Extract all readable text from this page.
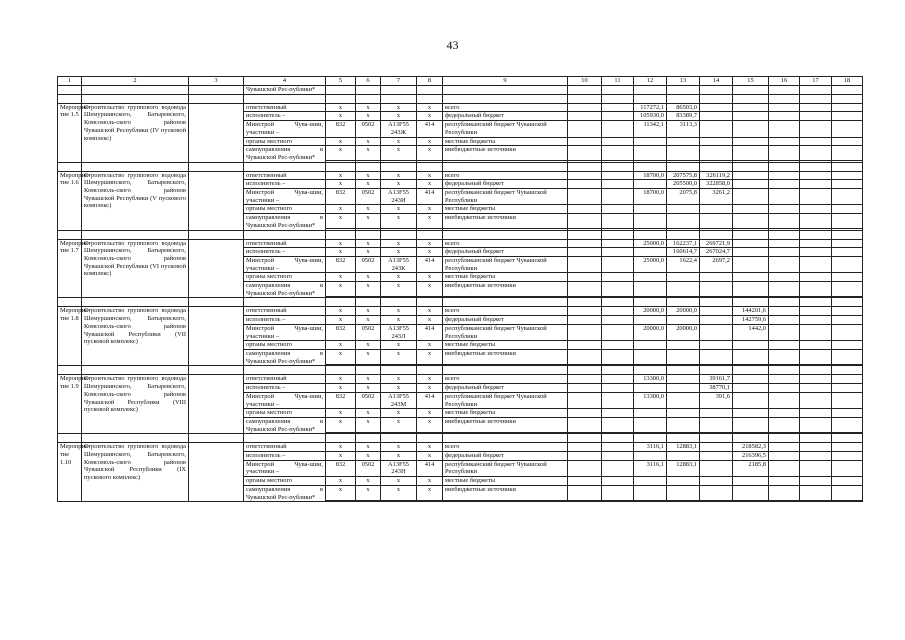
43
1	2	3	4	5	6	7	8	9	10	11	12	13	14	15	16	17	18
			Чувашской Рес-публики*														

Мероприя-тие 1.5	Строительство группового водовода Шемуршинского, Батыревского, Комсомоль-ского районов Чувашской Республики (IV пусковой комплекс)		ответственный	x	x	x	x	всего			117272,1	86503,0					
			исполнитель –	x	x	x	x	федеральный бюджет			105930,0	83389,7					
			Минстрой Чува-шии, участники –	832	0502	А13F55 243Ж	414	республиканский бюджет Чувашской Республики			11342,1	3113,3					
			органы местного	x	x	x	x	местные бюджеты									
			самоуправления в Чувашской Рес-публики*	x	x	x	x	внебюджетные источники									

Мероприя-тие 1.6	Строительство группового водовода Шемуршинского, Батыревского, Комсомоль-ского районов Чувашской Республики (V пускового комплекс)		ответственный	x	x	x	x	всего			18700,0	207575,8	326119,2				
			исполнитель –	x	x	x	x	федеральный бюджет				205500,0	322858,0				
			Минстрой Чува-шии, участники –	832	0502	А13F55 243И	414	республиканский бюджет Чувашской Республики			18700,0	2075,8	3261,2				
			органы местного	x	x	x	x	местные бюджеты									
			самоуправления в Чувашской Рес-публики*	x	x	x	x	внебюджетные источники									

Мероприя-тие 1.7	Строительство группового водовода Шемуршинского, Батыревского, Комсомоль-ского районов Чувашской Республики (VI пусковой комплекс)		ответственный	x	x	x	x	всего			25000,0	162237,1	269721,9				
			исполнитель –	x	x	x	x	федеральный бюджет				160614,7	267024,7				
			Минстрой Чува-шии, участники –	832	0502	А13F55 243К	414	республиканский бюджет Чувашской Республики			25000,0	1622,4	2697,2				
			органы местного	x	x	x	x	местные бюджеты									
			самоуправления в Чувашской Рес-публики*	x	x	x	x	внебюджетные источники									

Мероприя-тие 1.8	Строительство группового водовода Шемуршинского, Батыревского, Комсомоль-ского районов Чувашской Республики (VII пусковой комплекс)		ответственный	x	x	x	x	всего			20000,0	20000,0		144201,6			
			исполнитель –	x	x	x	x	федеральный бюджет						142759,6			
			Минстрой Чува-шии, участники –	832	0502	А13F55 243Л	414	республиканский бюджет Чувашской Республики			20000,0	20000,0		1442,0			
			органы местного	x	x	x	x	местные бюджеты									
			самоуправления в Чувашской Рес-публики*	x	x	x	x	внебюджетные источники									

Мероприя-тие 1.9	Строительство группового водовода Шемуршинского, Батыревского, Комсомоль-ского районов Чувашской Республики (VIII пусковой комплекс)		ответственный	x	x	x	x	всего			13300,0		39161,7				
			исполнитель –	x	x	x	x	федеральный бюджет					38770,1				
			Минстрой Чува-шии, участники –	832	0502	А13F55 243М	414	республиканский бюджет Чувашской Республики			13300,0		391,6				
			органы местного	x	x	x	x	местные бюджеты									
			самоуправления в Чувашской Рес-публики*	x	x	x	x	внебюджетные источники									

Мероприя-тие 1.10	Строительство группового водовода Шемуршинского, Батыревского, Комсомоль-ского районов Чувашской Республики (IX пускового комплекс)		ответственный	x	x	x	x	всего			3116,1	12883,1		218582,3			
			исполнитель –	x	x	x	x	федеральный бюджет						216396,5			
			Минстрой Чува-шии, участники –	832	0502	А13F55 243Н	414	республиканский бюджет Чувашской Республики			3116,1	12883,1		2185,8			
			органы местного	x	x	x	x	местные бюджеты									
			самоуправления в Чувашской Рес-публики*	x	x	x	x	внебюджетные источники									
